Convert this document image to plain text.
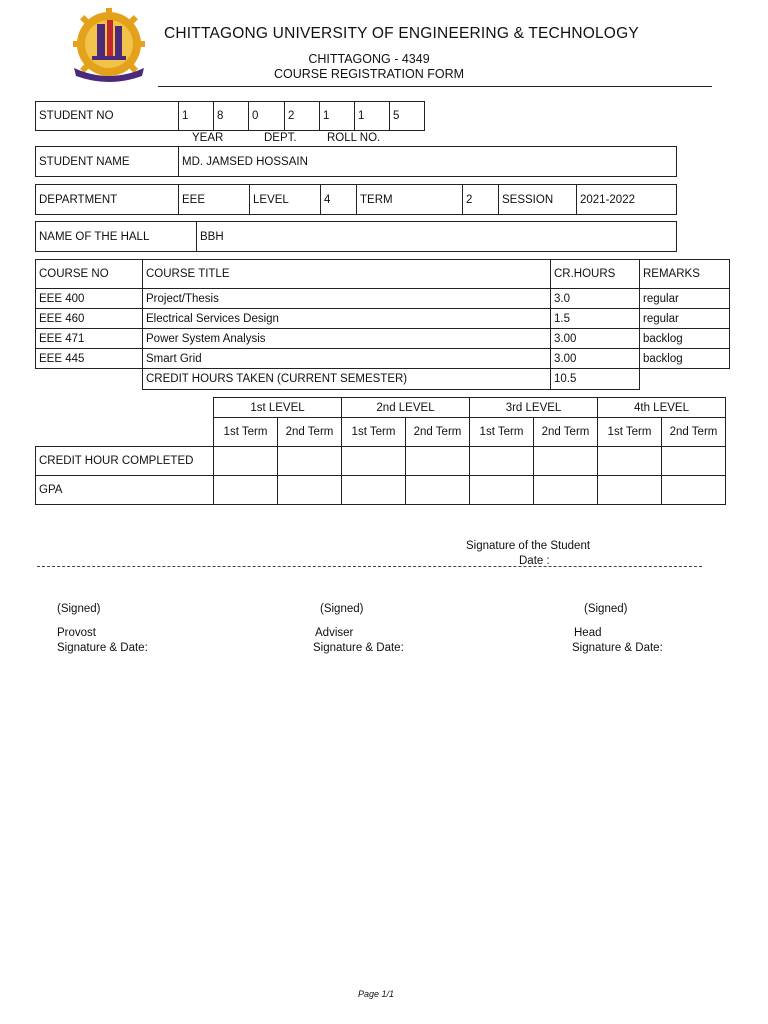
CHITTAGONG UNIVERSITY OF ENGINEERING & TECHNOLOGY
CHITTAGONG - 4349
COURSE REGISTRATION FORM
STUDENT NO	1	8	0	2	1	1	5
YEAR	DEPT.	ROLL NO.
STUDENT NAME	MD. JAMSED HOSSAIN
DEPARTMENT	EEE	LEVEL	4	TERM	2	SESSION	2021-2022
NAME OF THE HALL	BBH
COURSE NO	COURSE TITLE	CR.HOURS	REMARKS
EEE 400	Project/Thesis	3.0	regular
EEE 460	Electrical Services Design	1.5	regular
EEE 471	Power System Analysis	3.00	backlog
EEE 445	Smart Grid	3.00	backlog
	CREDIT HOURS TAKEN (CURRENT SEMESTER)	10.5	
	1st LEVEL		2nd LEVEL		3rd LEVEL		4th LEVEL	
	1st Term	2nd Term	1st Term	2nd Term	1st Term	2nd Term	1st Term	2nd Term
CREDIT HOUR COMPLETED								
GPA								
Signature of the Student
Date :
(Signed)
Provost
Signature & Date:
(Signed)
Adviser
Signature & Date:
(Signed)
Head
Signature & Date:
Page 1/1
